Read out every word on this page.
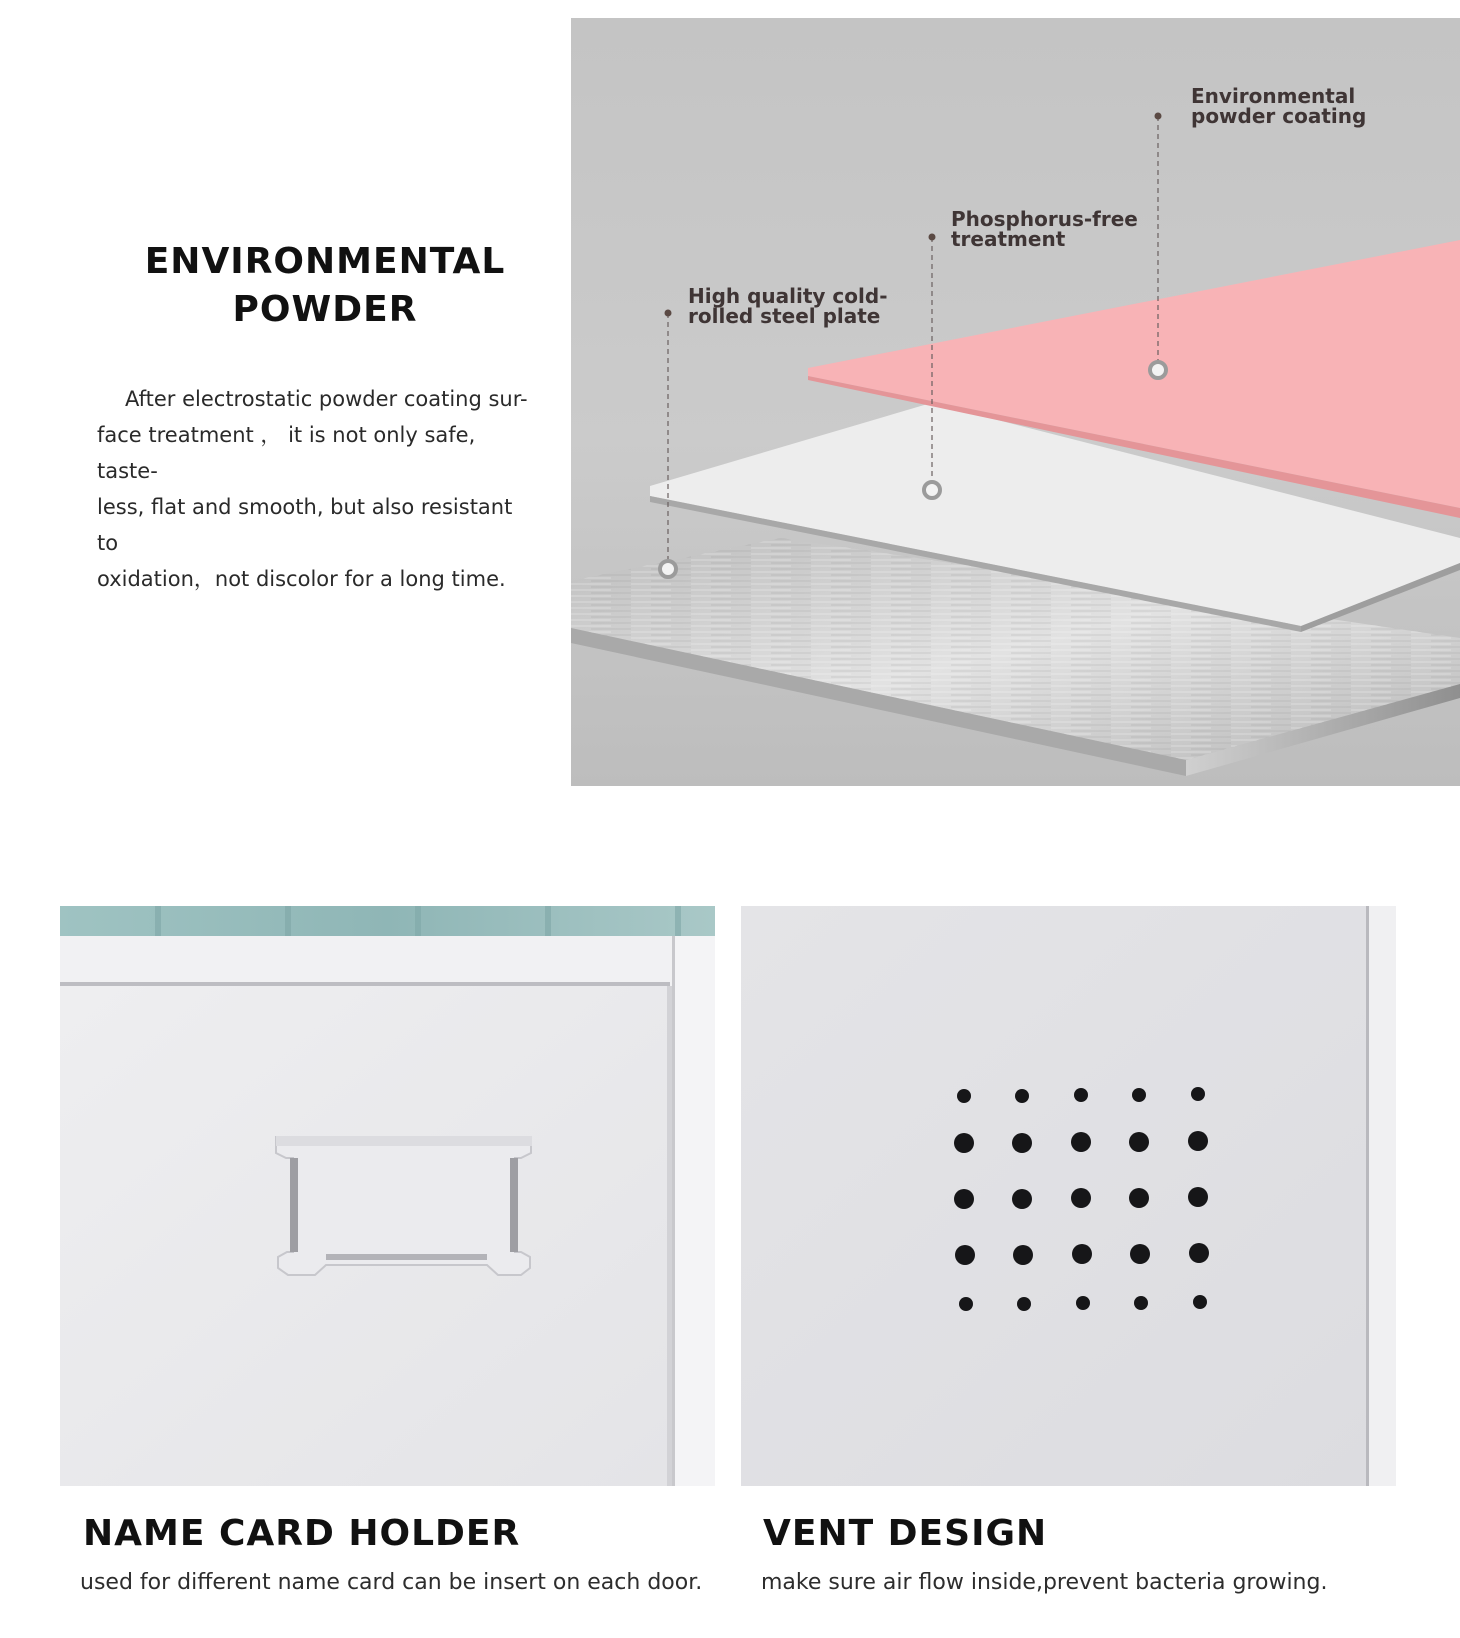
ENVIRONMENTAL
POWDER

After electrostatic powder coating sur-

face treatment ， it is not only safe, taste-

less, flat and smooth, but also resistant to

oxidation，not discolor for a long time.

Environmental
powder coating
Phosphorus-free
treatment
High quality cold-
rolled steel plate
NAME CARD HOLDER
used for different name card can be insert on each door.
VENT DESIGN
make sure air flow inside,prevent bacteria growing.
